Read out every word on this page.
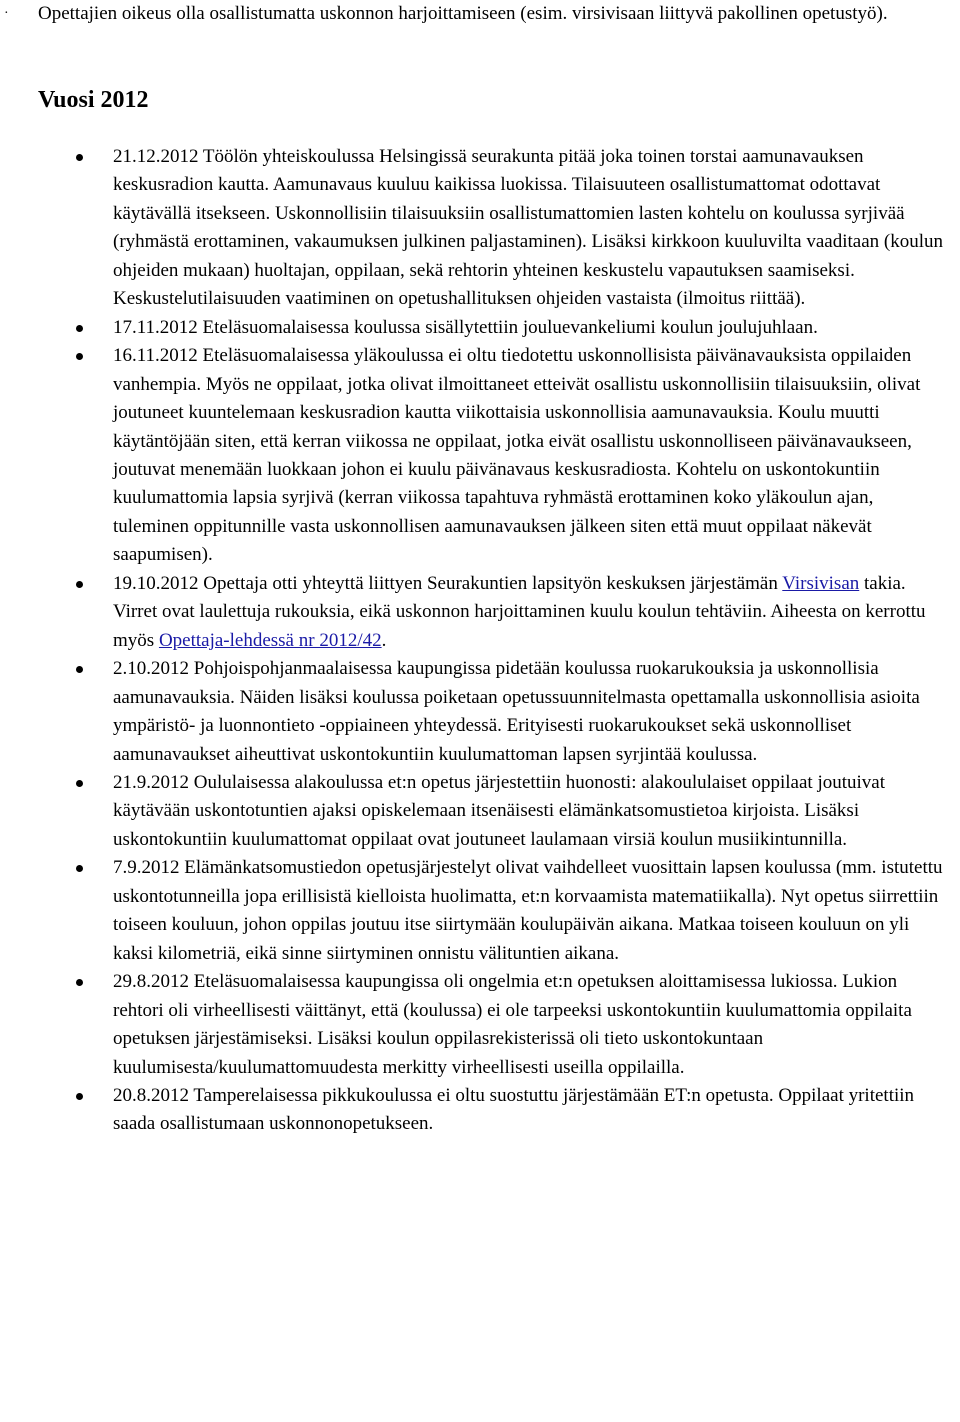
· Opettajien oikeus olla osallistumatta uskonnon harjoittamiseen (esim. virsivisaan liittyvä pakollinen opetustyö).
Vuosi 2012
21.12.2012 Töölön yhteiskoulussa Helsingissä seurakunta pitää joka toinen torstai aamunavauksen keskusradion kautta. Aamunavaus kuuluu kaikissa luokissa. Tilaisuuteen osallistumattomat odottavat käytävällä itsekseen. Uskonnollisiin tilaisuuksiin osallistumattomien lasten kohtelu on koulussa syrjivää (ryhmästä erottaminen, vakaumuksen julkinen paljastaminen). Lisäksi kirkkoon kuuluvilta vaaditaan (koulun ohjeiden mukaan) huoltajan, oppilaan, sekä rehtorin yhteinen keskustelu vapautuksen saamiseksi. Keskustelutilaisuuden vaatiminen on opetushallituksen ohjeiden vastaista (ilmoitus riittää).
17.11.2012 Eteläsuomalaisessa koulussa sisällytettiin jouluevankeliumi koulun joulujuhlaan.
16.11.2012 Eteläsuomalaisessa yläkoulussa ei oltu tiedotettu uskonnollisista päivänavauksista oppilaiden vanhempia. Myös ne oppilaat, jotka olivat ilmoittaneet etteivät osallistu uskonnollisiin tilaisuuksiin, olivat joutuneet kuuntelemaan keskusradion kautta viikottaisia uskonnollisia aamunavauksia. Koulu muutti käytäntöjään siten, että kerran viikossa ne oppilaat, jotka eivät osallistu uskonnolliseen päivänavaukseen, joutuvat menemään luokkaan johon ei kuulu päivänavaus keskusradiosta. Kohtelu on uskontokuntiin kuulumattomia lapsia syrjivä (kerran viikossa tapahtuva ryhmästä erottaminen koko yläkoulun ajan, tuleminen oppitunnille vasta uskonnollisen aamunavauksen jälkeen siten että muut oppilaat näkevät saapumisen).
19.10.2012 Opettaja otti yhteyttä liittyen Seurakuntien lapsityön keskuksen järjestämän Virsivisan takia. Virret ovat laulettuja rukouksia, eikä uskonnon harjoittaminen kuulu koulun tehtäviin. Aiheesta on kerrottu myös Opettaja-lehdessä nr 2012/42.
2.10.2012 Pohjoispohjanmaalaisessa kaupungissa pidetään koulussa ruokarukouksia ja uskonnollisia aamunavauksia. Näiden lisäksi koulussa poiketaan opetussuunnitelmasta opettamalla uskonnollisia asioita ympäristö- ja luonnontieto -oppiaineen yhteydessä. Erityisesti ruokarukoukset sekä uskonnolliset aamunavaukset aiheuttivat uskontokuntiin kuulumattoman lapsen syrjintää koulussa.
21.9.2012 Oululaisessa alakoulussa et:n opetus järjestettiin huonosti: alakoululaiset oppilaat joutuivat käytävään uskontotuntien ajaksi opiskelemaan itsenäisesti elämänkatsomustietoa kirjoista. Lisäksi uskontokuntiin kuulumattomat oppilaat ovat joutuneet laulamaan virsiä koulun musiikintunnilla.
7.9.2012 Elämänkatsomustiedon opetusjärjestelyt olivat vaihdelleet vuosittain lapsen koulussa (mm. istutettu uskontotunneilla jopa erillisistä kielloista huolimatta, et:n korvaamista matematiikalla). Nyt opetus siirrettiin toiseen kouluun, johon oppilas joutuu itse siirtymään koulupäivän aikana. Matkaa toiseen kouluun on yli kaksi kilometriä, eikä sinne siirtyminen onnistu välituntien aikana.
29.8.2012 Eteläsuomalaisessa kaupungissa oli ongelmia et:n opetuksen aloittamisessa lukiossa. Lukion rehtori oli virheellisesti väittänyt, että (koulussa) ei ole tarpeeksi uskontokuntiin kuulumattomia oppilaita opetuksen järjestämiseksi. Lisäksi koulun oppilasrekisterissä oli tieto uskontokuntaan kuulumisesta/kuulumattomuudesta merkitty virheellisesti useilla oppilailla.
20.8.2012 Tamperelaisessa pikkukoulussa ei oltu suostuttu järjestämään ET:n opetusta. Oppilaat yritettiin saada osallistumaan uskonnonopetukseen.
